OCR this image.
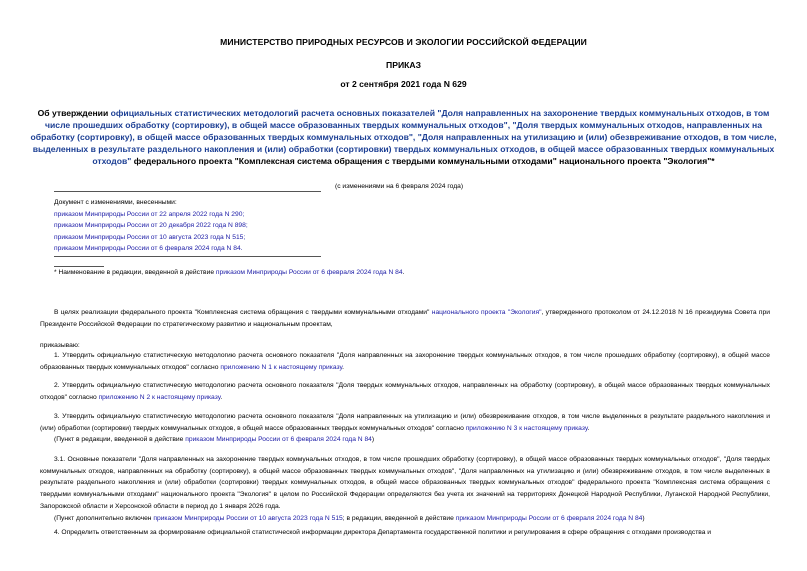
МИНИСТЕРСТВО ПРИРОДНЫХ РЕСУРСОВ И ЭКОЛОГИИ РОССИЙСКОЙ ФЕДЕРАЦИИ
ПРИКАЗ
от 2 сентября 2021 года N 629
Об утверждении официальных статистических методологий расчета основных показателей "Доля направленных на захоронение твердых коммунальных отходов, в том числе прошедших обработку (сортировку), в общей массе образованных твердых коммунальных отходов", "Доля твердых коммунальных отходов, направленных на обработку (сортировку), в общей массе образованных твердых коммунальных отходов", "Доля направленных на утилизацию и (или) обезвреживание отходов, в том числе, выделенных в результате раздельного накопления и (или) обработки (сортировки) твердых коммунальных отходов, в общей массе образованных твердых коммунальных отходов" федерального проекта "Комплексная система обращения с твердыми коммунальными отходами" национального проекта "Экология"*
(с изменениями на 6 февраля 2024 года)
Документ с изменениями, внесенными:
приказом Минприроды России от 22 апреля 2022 года N 290;
приказом Минприроды России от 20 декабря 2022 года N 898;
приказом Минприроды России от 10 августа 2023 года N 515;
приказом Минприроды России от 6 февраля 2024 года N 84.
* Наименование в редакции, введенной в действие приказом Минприроды России от 6 февраля 2024 года N 84.
В целях реализации федерального проекта "Комплексная система обращения с твердыми коммунальными отходами" национального проекта "Экология", утвержденного протоколом от 24.12.2018 N 16 президиума Совета при Президенте Российской Федерации по стратегическому развитию и национальным проектам,
приказываю:
1. Утвердить официальную статистическую методологию расчета основного показателя "Доля направленных на захоронение твердых коммунальных отходов, в том числе прошедших обработку (сортировку), в общей массе образованных твердых коммунальных отходов" согласно приложению N 1 к настоящему приказу.
2. Утвердить официальную статистическую методологию расчета основного показателя "Доля твердых коммунальных отходов, направленных на обработку (сортировку), в общей массе образованных твердых коммунальных отходов" согласно приложению N 2 к настоящему приказу.
3. Утвердить официальную статистическую методологию расчета основного показателя "Доля направленных на утилизацию и (или) обезвреживание отходов, в том числе выделенных в результате раздельного накопления и (или) обработки (сортировки) твердых коммунальных отходов, в общей массе образованных твердых коммунальных отходов" согласно приложению N 3 к настоящему приказу.
(Пункт в редакции, введенной в действие приказом Минприроды России от 6 февраля 2024 года N 84)
3.1. Основные показатели "Доля направленных на захоронение твердых коммунальных отходов, в том числе прошедших обработку (сортировку), в общей массе образованных твердых коммунальных отходов", "Доля твердых коммунальных отходов, направленных на обработку (сортировку), в общей массе образованных твердых коммунальных отходов", "Доля направленных на утилизацию и (или) обезвреживание отходов, в том числе выделенных в результате раздельного накопления и (или) обработки (сортировки) твердых коммунальных отходов, в общей массе образованных твердых коммунальных отходов" федерального проекта "Комплексная система обращения с твердыми коммунальными отходами" национального проекта "Экология" в целом по Российской Федерации определяются без учета их значений на территориях Донецкой Народной Республики, Луганской Народной Республики, Запорожской области и Херсонской области в период до 1 января 2026 года.
(Пункт дополнительно включен приказом Минприроды России от 10 августа 2023 года N 515; в редакции, введенной в действие приказом Минприроды России от 6 февраля 2024 года N 84)
4. Определить ответственным за формирование официальной статистической информации директора Департамента государственной политики и регулирования в сфере обращения с отходами производства и
